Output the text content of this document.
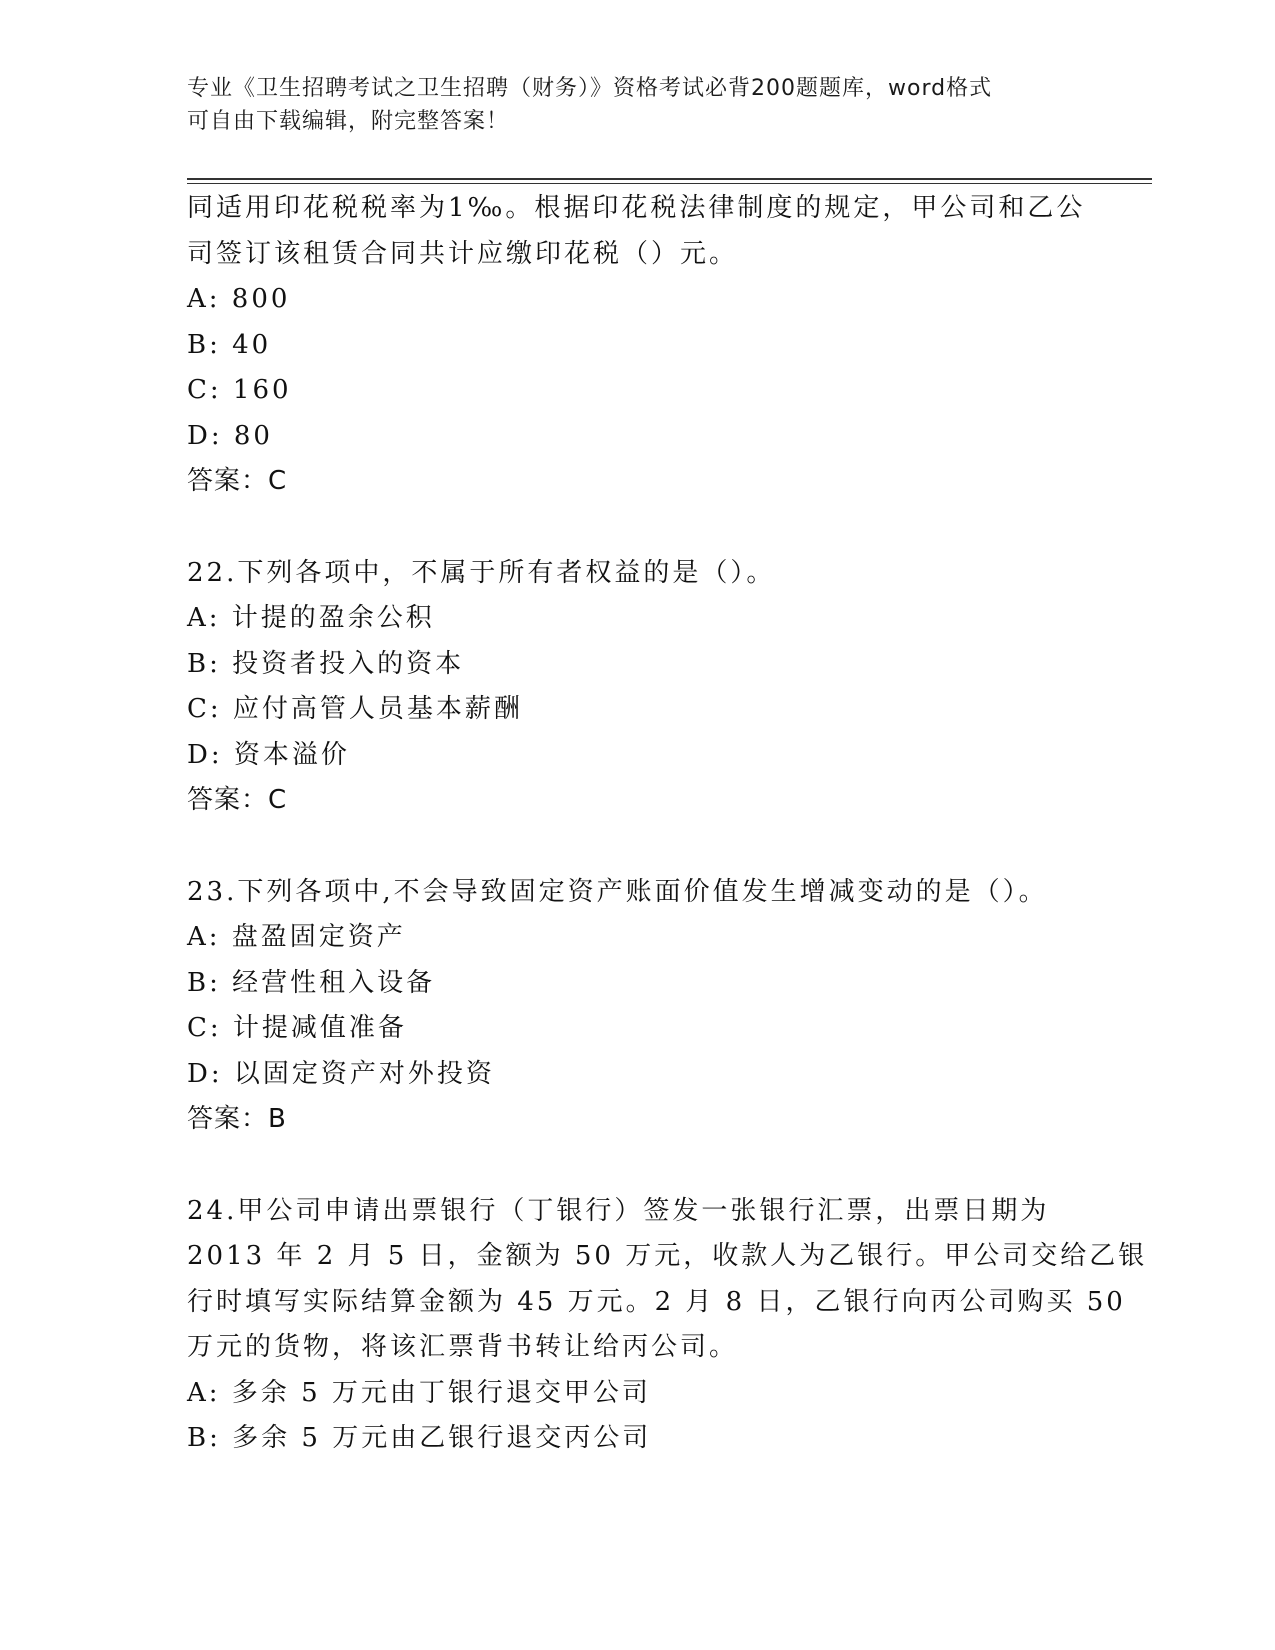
专业《卫生招聘考试之卫生招聘（财务）》资格考试必背200题题库，word格式
可自由下载编辑，附完整答案！
同适用印花税税率为1‰。根据印花税法律制度的规定，甲公司和乙公
司签订该租赁合同共计应缴印花税（）元。
A: 800
B: 40
C: 160
D: 80
答案：C
22.下列各项中，不属于所有者权益的是（）。
A: 计提的盈余公积
B: 投资者投入的资本
C: 应付高管人员基本薪酬
D: 资本溢价
答案：C
23.下列各项中,不会导致固定资产账面价值发生增减变动的是（）。
A: 盘盈固定资产
B: 经营性租入设备
C: 计提减值准备
D: 以固定资产对外投资
答案：B
24.甲公司申请出票银行（丁银行）签发一张银行汇票，出票日期为
2013 年 2 月 5 日，金额为 50 万元，收款人为乙银行。甲公司交给乙银
行时填写实际结算金额为 45 万元。2 月 8 日，乙银行向丙公司购买 50
万元的货物，将该汇票背书转让给丙公司。
A: 多余 5 万元由丁银行退交甲公司
B: 多余 5 万元由乙银行退交丙公司
